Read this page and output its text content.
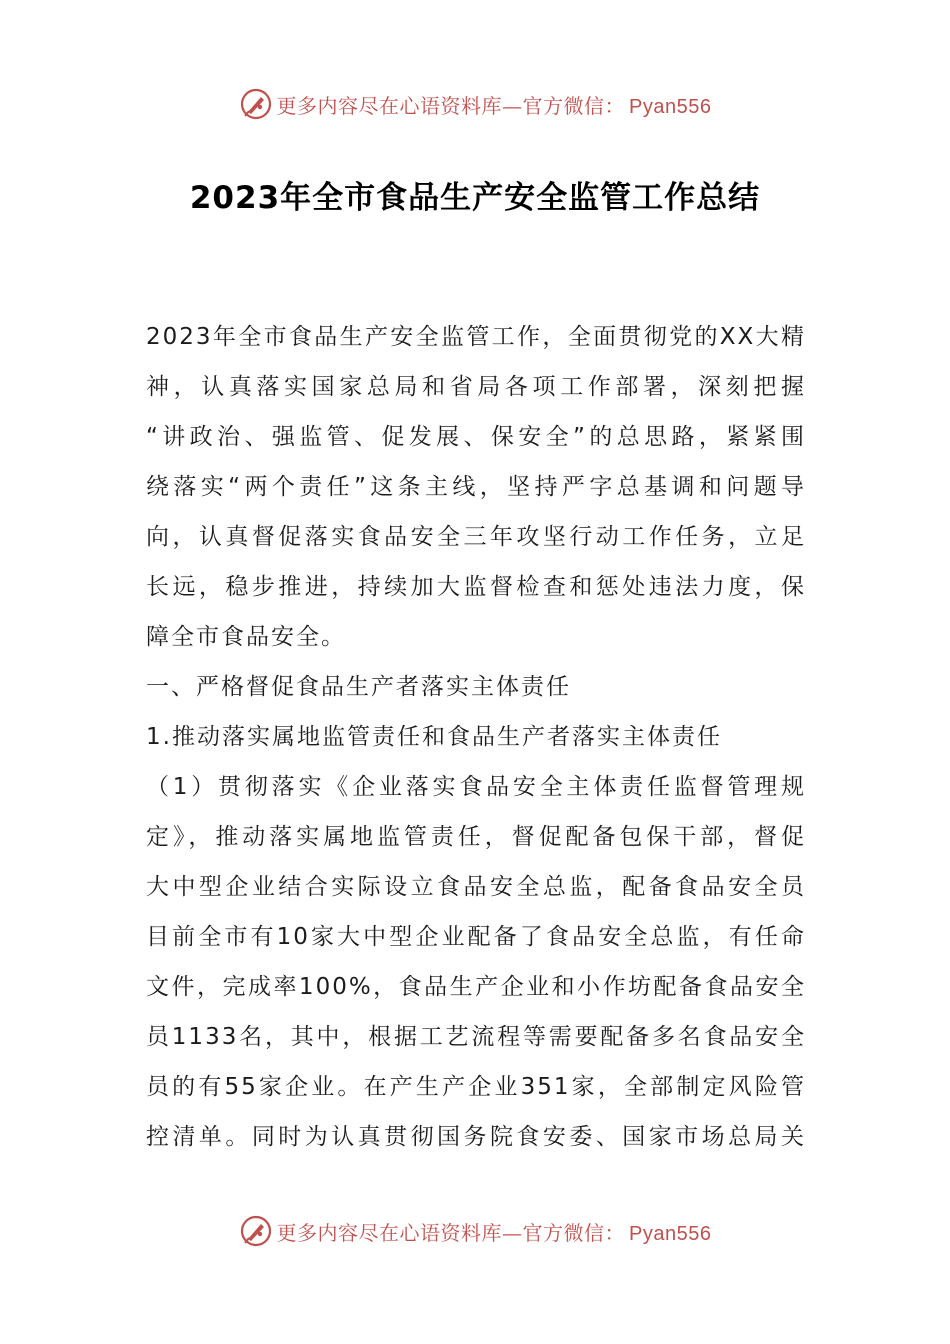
更多内容尽在心语资料库—官方微信： Pyan556
2023年全市食品生产安全监管工作总结
2023年全市食品生产安全监管工作，全面贯彻党的XX大精
神，认真落实国家总局和省局各项工作部署，深刻把握
“讲政治、强监管、促发展、保安全”的总思路，紧紧围
绕落实“两个责任”这条主线，坚持严字总基调和问题导
向，认真督促落实食品安全三年攻坚行动工作任务，立足
长远，稳步推进，持续加大监督检查和惩处违法力度，保
障全市食品安全。
一、严格督促食品生产者落实主体责任
1.推动落实属地监管责任和食品生产者落实主体责任
（1）贯彻落实《企业落实食品安全主体责任监督管理规
定》，推动落实属地监管责任，督促配备包保干部，督促
大中型企业结合实际设立食品安全总监，配备食品安全员
目前全市有10家大中型企业配备了食品安全总监，有任命
文件，完成率100%，食品生产企业和小作坊配备食品安全
员1133名，其中，根据工艺流程等需要配备多名食品安全
员的有55家企业。在产生产企业351家，全部制定风险管
控清单。同时为认真贯彻国务院食安委、国家市场总局关
更多内容尽在心语资料库—官方微信： Pyan556
